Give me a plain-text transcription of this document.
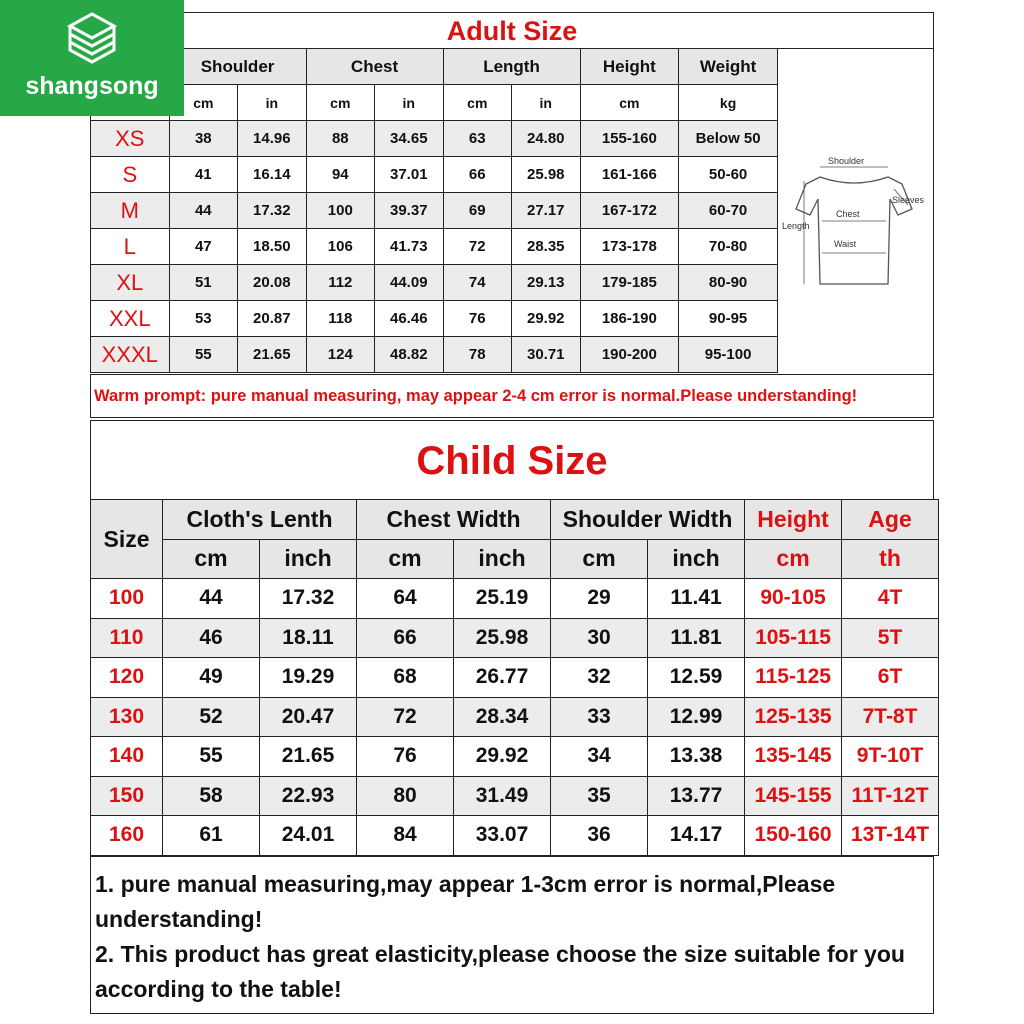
Adult Size
	Shoulder		Chest		Length		Height	Weight
	cm	in	cm	in	cm	in	cm	kg
XS	38	14.96	88	34.65	63	24.80	155-160	Below 50
S	41	16.14	94	37.01	66	25.98	161-166	50-60
M	44	17.32	100	39.37	69	27.17	167-172	60-70
L	47	18.50	106	41.73	72	28.35	173-178	70-80
XL	51	20.08	112	44.09	74	29.13	179-185	80-90
XXL	53	20.87	118	46.46	76	29.92	186-190	90-95
XXXL	55	21.65	124	48.82	78	30.71	190-200	95-100
Shoulder
Sleeves
Chest
Length
Waist
Warm prompt: pure manual measuring, may appear 2-4 cm error is normal.Please understanding!
shangsong
Child Size
Size	Cloth's Lenth		Chest Width		Shoulder Width		Height	Age
	cm	inch	cm	inch	cm	inch	cm	th
100	44	17.32	64	25.19	29	11.41	90-105	4T
110	46	18.11	66	25.98	30	11.81	105-115	5T
120	49	19.29	68	26.77	32	12.59	115-125	6T
130	52	20.47	72	28.34	33	12.99	125-135	7T-8T
140	55	21.65	76	29.92	34	13.38	135-145	9T-10T
150	58	22.93	80	31.49	35	13.77	145-155	11T-12T
160	61	24.01	84	33.07	36	14.17	150-160	13T-14T
1. pure manual measuring,may appear 1-3cm error is normal,Please understanding!
2. This product has great elasticity,please choose the size suitable for you according to the table!
